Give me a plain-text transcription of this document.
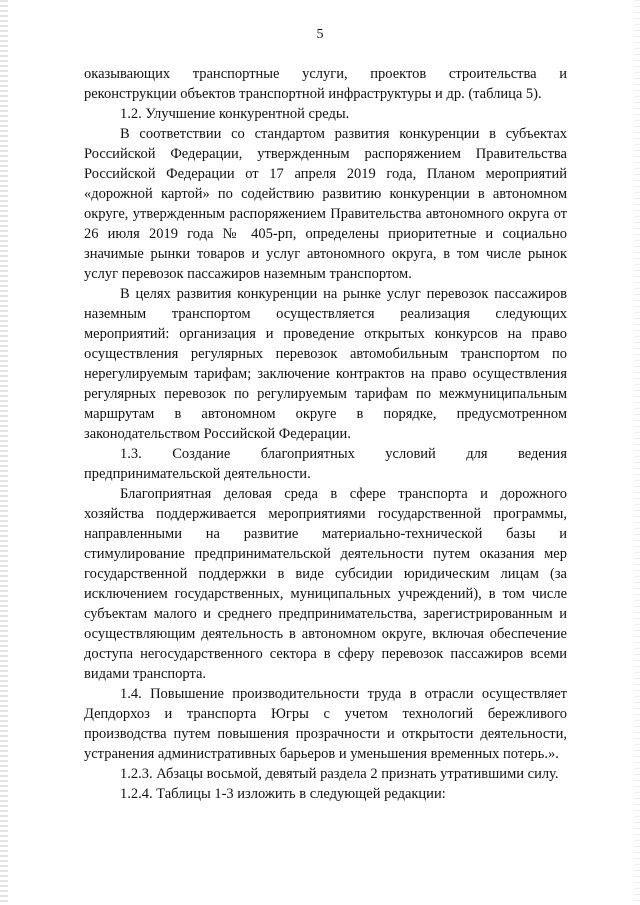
5

оказывающих транспортные услуги, проектов строительства и реконструкции объектов транспортной инфраструктуры и др. (таблица 5).

1.2. Улучшение конкурентной среды.

В соответствии со стандартом развития конкуренции в субъектах Российской Федерации, утвержденным распоряжением Правительства Российской Федерации от 17 апреля 2019 года, Планом мероприятий «дорожной картой» по содействию развитию конкуренции в автономном округе, утвержденным распоряжением Правительства автономного округа от 26 июля 2019 года № 405-рп, определены приоритетные и социально значимые рынки товаров и услуг автономного округа, в том числе рынок услуг перевозок пассажиров наземным транспортом.

В целях развития конкуренции на рынке услуг перевозок пассажиров наземным транспортом осуществляется реализация следующих мероприятий: организация и проведение открытых конкурсов на право осуществления регулярных перевозок автомобильным транспортом по нерегулируемым тарифам; заключение контрактов на право осуществления регулярных перевозок по регулируемым тарифам по межмуниципальным маршрутам в автономном округе в порядке, предусмотренном законодательством Российской Федерации.

1.3. Создание благоприятных условий для ведения предпринимательской деятельности.

Благоприятная деловая среда в сфере транспорта и дорожного хозяйства поддерживается мероприятиями государственной программы, направленными на развитие материально-технической базы и стимулирование предпринимательской деятельности путем оказания мер государственной поддержки в виде субсидии юридическим лицам (за исключением государственных, муниципальных учреждений), в том числе субъектам малого и среднего предпринимательства, зарегистрированным и осуществляющим деятельность в автономном округе, включая обеспечение доступа негосударственного сектора в сферу перевозок пассажиров всеми видами транспорта.

1.4. Повышение производительности труда в отрасли осуществляет Депдорхоз и транспорта Югры с учетом технологий бережливого производства путем повышения прозрачности и открытости деятельности, устранения административных барьеров и уменьшения временных потерь.».

1.2.3. Абзацы восьмой, девятый раздела 2 признать утратившими силу.

1.2.4. Таблицы 1-3 изложить в следующей редакции:
